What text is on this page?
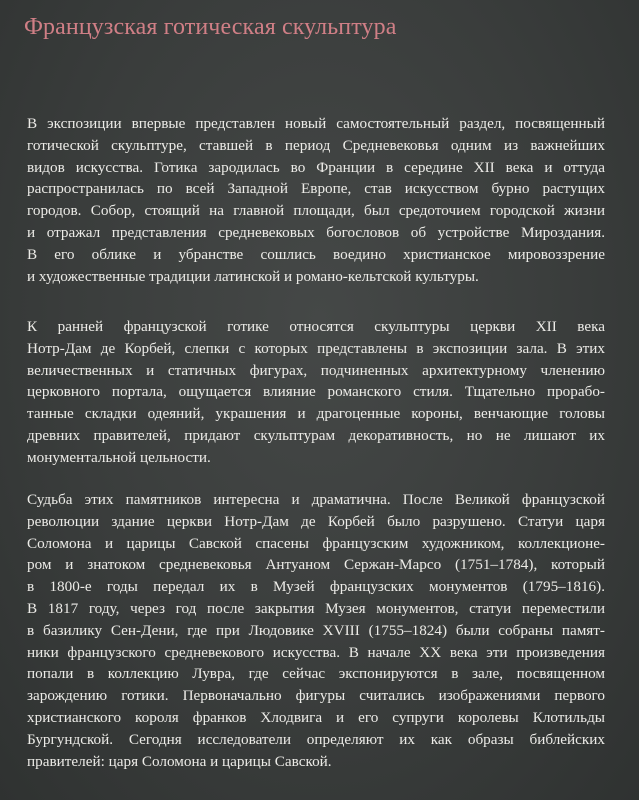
Французская готическая скульптура

В экспозиции впервые представлен новый самостоятельный раздел, посвященный
готической скульптуре, ставшей в период Средневековья одним из важнейших
видов искусства. Готика зародилась во Франции в середине XII века и оттуда
распространилась по всей Западной Европе, став искусством бурно растущих
городов. Собор, стоящий на главной площади, был средоточием городской жизни
и отражал представления средневековых богословов об устройстве Мироздания.
В его облике и убранстве сошлись воедино христианское мировоззрение
и художественные традиции латинской и романо-кельтской культуры.

К ранней французской готике относятся скульптуры церкви XII века
Нотр-Дам де Корбей, слепки с которых представлены в экспозиции зала. В этих
величественных и статичных фигурах, подчиненных архитектурному членению
церковного портала, ощущается влияние романского стиля. Тщательно прорабо-
танные складки одеяний, украшения и драгоценные короны, венчающие головы
древних правителей, придают скульптурам декоративность, но не лишают их
монументальной цельности.

Судьба этих памятников интересна и драматична. После Великой французской
революции здание церкви Нотр-Дам де Корбей было разрушено. Статуи царя
Соломона и царицы Савской спасены французским художником, коллекционе-
ром и знатоком средневековья Антуаном Сержан-Марсо (1751–1784), который
в 1800-е годы передал их в Музей французских монументов (1795–1816).
В 1817 году, через год после закрытия Музея монументов, статуи переместили
в базилику Сен-Дени, где при Людовике XVIII (1755–1824) были собраны памят-
ники французского средневекового искусства. В начале XX века эти произведения
попали в коллекцию Лувра, где сейчас экспонируются в зале, посвященном
зарождению готики. Первоначально фигуры считались изображениями первого
христианского короля франков Хлодвига и его супруги королевы Клотильды
Бургундской. Сегодня исследователи определяют их как образы библейских
правителей: царя Соломона и царицы Савской.
